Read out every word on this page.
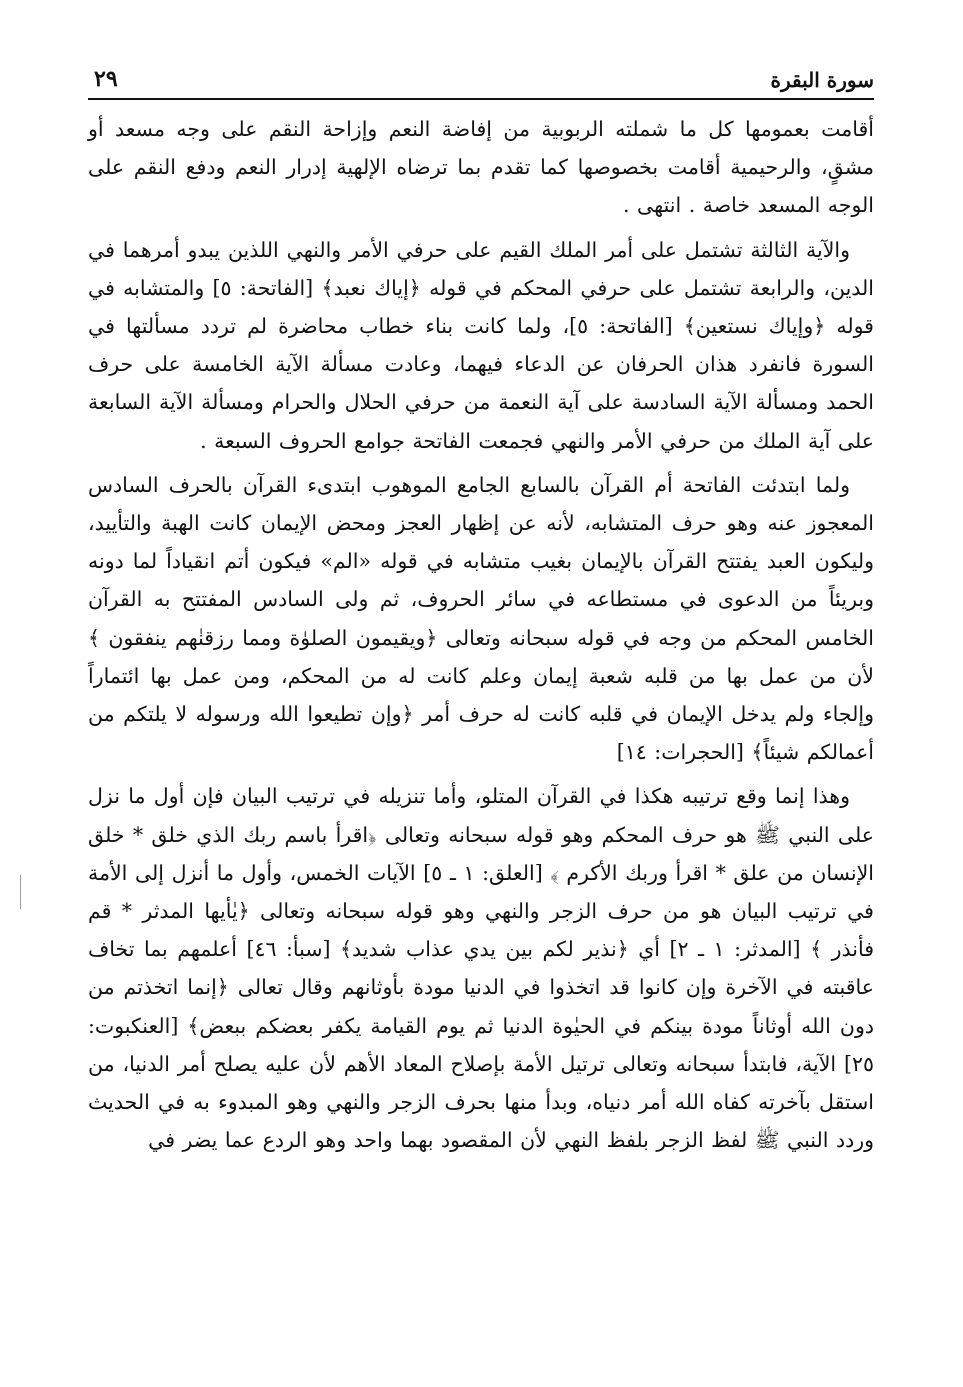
سورة البقرة
٢٩

أقامت بعمومها كل ما شملته الربوبية من إفاضة النعم وإزاحة النقم على وجه مسعد أو مشقٍ، والرحيمية أقامت بخصوصها كما تقدم بما ترضاه الإلهية إدرار النعم ودفع النقم على الوجه المسعد خاصة . انتهى .

والآية الثالثة تشتمل على أمر الملك القيم على حرفي الأمر والنهي اللذين يبدو أمرهما في الدين، والرابعة تشتمل على حرفي المحكم في قوله ﴿إياك نعبد﴾ [الفاتحة: ٥] والمتشابه في قوله ﴿وإياك نستعين﴾ [الفاتحة: ٥]، ولما كانت بناء خطاب محاضرة لم تردد مسألتها في السورة فانفرد هذان الحرفان عن الدعاء فيهما، وعادت مسألة الآية الخامسة على حرف الحمد ومسألة الآية السادسة على آية النعمة من حرفي الحلال والحرام ومسألة الآية السابعة على آية الملك من حرفي الأمر والنهي فجمعت الفاتحة جوامع الحروف السبعة .

ولما ابتدئت الفاتحة أم القرآن بالسابع الجامع الموهوب ابتدىء القرآن بالحرف السادس المعجوز عنه وهو حرف المتشابه، لأنه عن إظهار العجز ومحض الإيمان كانت الهبة والتأييد، وليكون العبد يفتتح القرآن بالإيمان بغيب متشابه في قوله «الم» فيكون أتم انقياداً لما دونه وبريئاً من الدعوى في مستطاعه في سائر الحروف، ثم ولى السادس المفتتح به القرآن الخامس المحكم من وجه في قوله سبحانه وتعالى ﴿ويقيمون الصلوٰة ومما رزقنٰهم ينفقون ﴾ لأن من عمل بها من قلبه شعبة إيمان وعلم كانت له من المحكم، ومن عمل بها ائتماراً وإلجاء ولم يدخل الإيمان في قلبه كانت له حرف أمر ﴿وإن تطيعوا الله ورسوله لا يلتكم من أعمالكم شيئاً﴾ [الحجرات: ١٤]

وهذا إنما وقع ترتيبه هكذا في القرآن المتلو، وأما تنزيله في ترتيب البيان فإن أول ما نزل على النبي ﷺ هو حرف المحكم وهو قوله سبحانه وتعالى ﴿اقرأ باسم ربك الذي خلق * خلق الإنسان من علق * اقرأ وربك الأكرم ﴾ [العلق: ١ ـ ٥] الآيات الخمس، وأول ما أنزل إلى الأمة في ترتيب البيان هو من حرف الزجر والنهي وهو قوله سبحانه وتعالى ﴿يٰأيها المدثر * قم فأنذر ﴾ [المدثر: ١ ـ ٢] أي ﴿نذير لكم بين يدي عذاب شديد﴾ [سبأ: ٤٦] أعلمهم بما تخاف عاقبته في الآخرة وإن كانوا قد اتخذوا في الدنيا مودة بأوثانهم وقال تعالى ﴿إنما اتخذتم من دون الله أوثاناً مودة بينكم في الحيٰوة الدنيا ثم يوم القيامة يكفر بعضكم ببعض﴾ [العنكبوت: ٢٥] الآية، فابتدأ سبحانه وتعالى ترتيل الأمة بإصلاح المعاد الأهم لأن عليه يصلح أمر الدنيا، من استقل بآخرته كفاه الله أمر دنياه، وبدأ منها بحرف الزجر والنهي وهو المبدوء به في الحديث وردد النبي ﷺ لفظ الزجر بلفظ النهي لأن المقصود بهما واحد وهو الردع عما يضر في
